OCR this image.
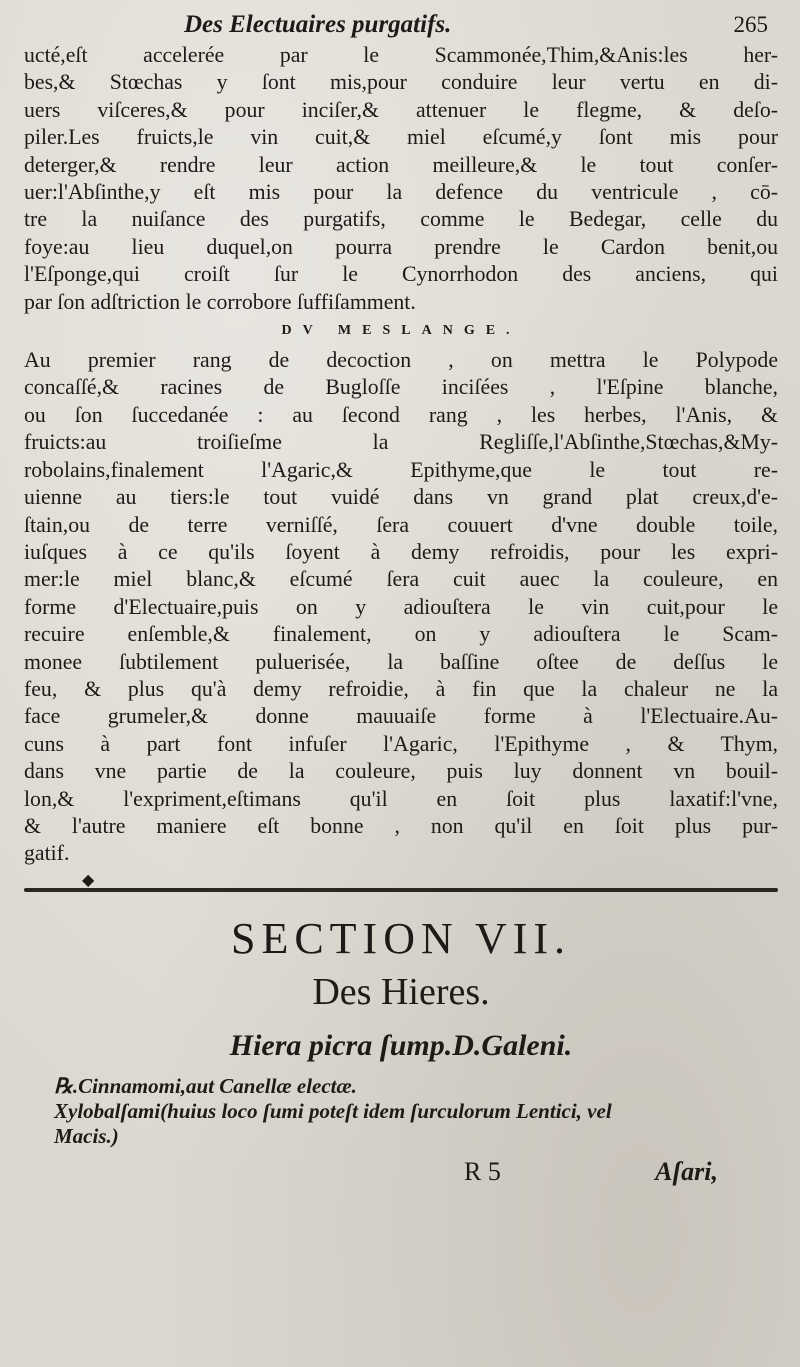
Des Electuaires purgatifs.	265
ucté,eſt accelerée par le Scammonée,Thim,&Anis:les her-
bes,& Stœchas y ſont mis,pour conduire leur vertu en di-
uers viſceres,& pour inciſer,& attenuer le flegme, & deſo-
piler.Les fruicts,le vin cuit,& miel eſcumé,y ſont mis pour
deterger,& rendre leur action meilleure,& le tout conſer-
uer:l'Abſinthe,y eſt mis pour la defence du ventricule , cō-
tre la nuiſance des purgatifs, comme le Bedegar, celle du
foye:au lieu duquel,on pourra prendre le Cardon benit,ou
l'Eſponge,qui croiſt ſur le Cynorrhodon des anciens, qui
par ſon adſtriction le corrobore ſuffiſamment.
DV MESLANGE.
Au premier rang de decoction , on mettra le Polypode
concaſſé,& racines de Bugloſſe inciſées , l'Eſpine blanche,
ou ſon ſuccedanée : au ſecond rang , les herbes, l'Anis, &
fruicts:au troiſieſme la Regliſſe,l'Abſinthe,Stœchas,&My-
robolains,finalement l'Agaric,& Epithyme,que le tout re-
uienne au tiers:le tout vuidé dans vn grand plat creux,d'e-
ſtain,ou de terre verniſſé, ſera couuert d'vne double toile,
iuſques à ce qu'ils ſoyent à demy refroidis, pour les expri-
mer:le miel blanc,& eſcumé ſera cuit auec la couleure, en
forme d'Electuaire,puis on y adiouſtera le vin cuit,pour le
recuire enſemble,& finalement, on y adiouſtera le Scam-
monee ſubtilement puluerisée, la baſſine oſtee de deſſus le
feu, & plus qu'à demy refroidie, à fin que la chaleur ne la
face grumeler,& donne mauuaiſe forme à l'Electuaire.Au-
cuns à part font infuſer l'Agaric, l'Epithyme , & Thym,
dans vne partie de la couleure, puis luy donnent vn bouil-
lon,& l'expriment,eſtimans qu'il en ſoit plus laxatif:l'vne,
& l'autre maniere eſt bonne , non qu'il en ſoit plus pur-
gatif.
◆
SECTION VII.
Des Hieres.
Hiera picra ſump.D.Galeni.
℞.Cinnamomi,aut Canellæ electæ.
Xylobalſami(huius loco ſumi poteſt idem ſurculorum Lentici, vel
Macis.)
R 5	Aſari,
